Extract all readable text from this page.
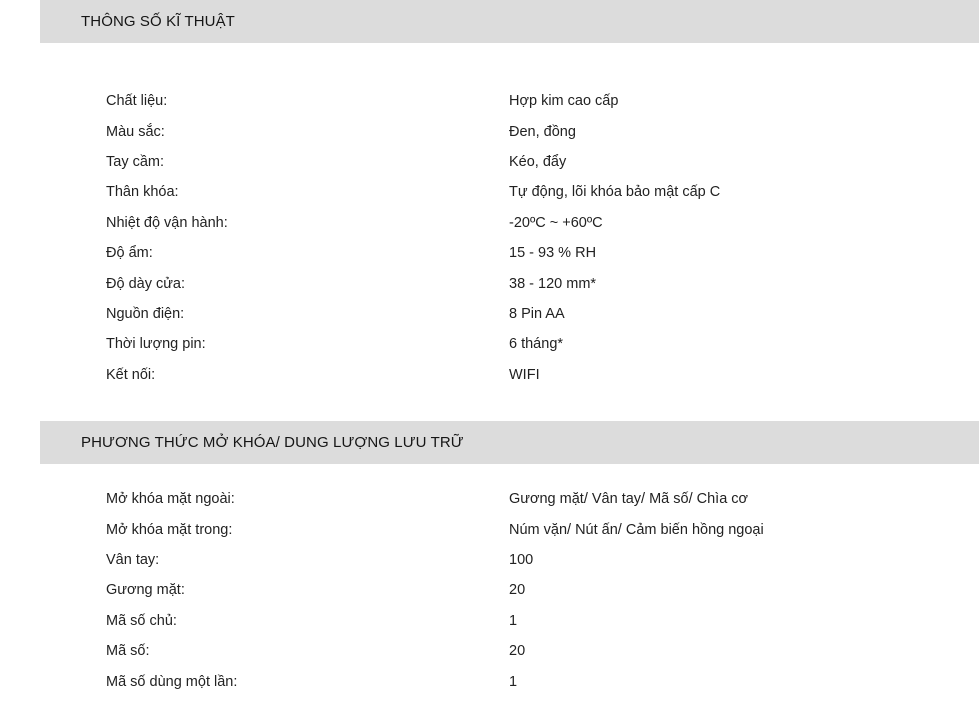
THÔNG SỐ KĨ THUẬT
Chất liệu:	Hợp kim cao cấp
Màu sắc:	Đen, đồng
Tay cầm:	Kéo, đẩy
Thân khóa:	Tự động, lõi khóa bảo mật cấp C
Nhiệt độ vận hành:	-20ºC ~ +60ºC
Độ ẩm:	15 - 93 % RH
Độ dày cửa:	38 - 120 mm*
Nguồn điện:	8 Pin AA
Thời lượng pin:	6 tháng*
Kết nối:	WIFI
PHƯƠNG THỨC MỞ KHÓA/ DUNG LƯỢNG LƯU TRỮ
Mở khóa mặt ngoài:	Gương mặt/ Vân tay/ Mã số/ Chìa cơ
Mở khóa mặt trong:	Núm vặn/ Nút ấn/ Cảm biến hồng ngoại
Vân tay:	100
Gương mặt:	20
Mã số chủ:	1
Mã số:	20
Mã số dùng một lần:	1
